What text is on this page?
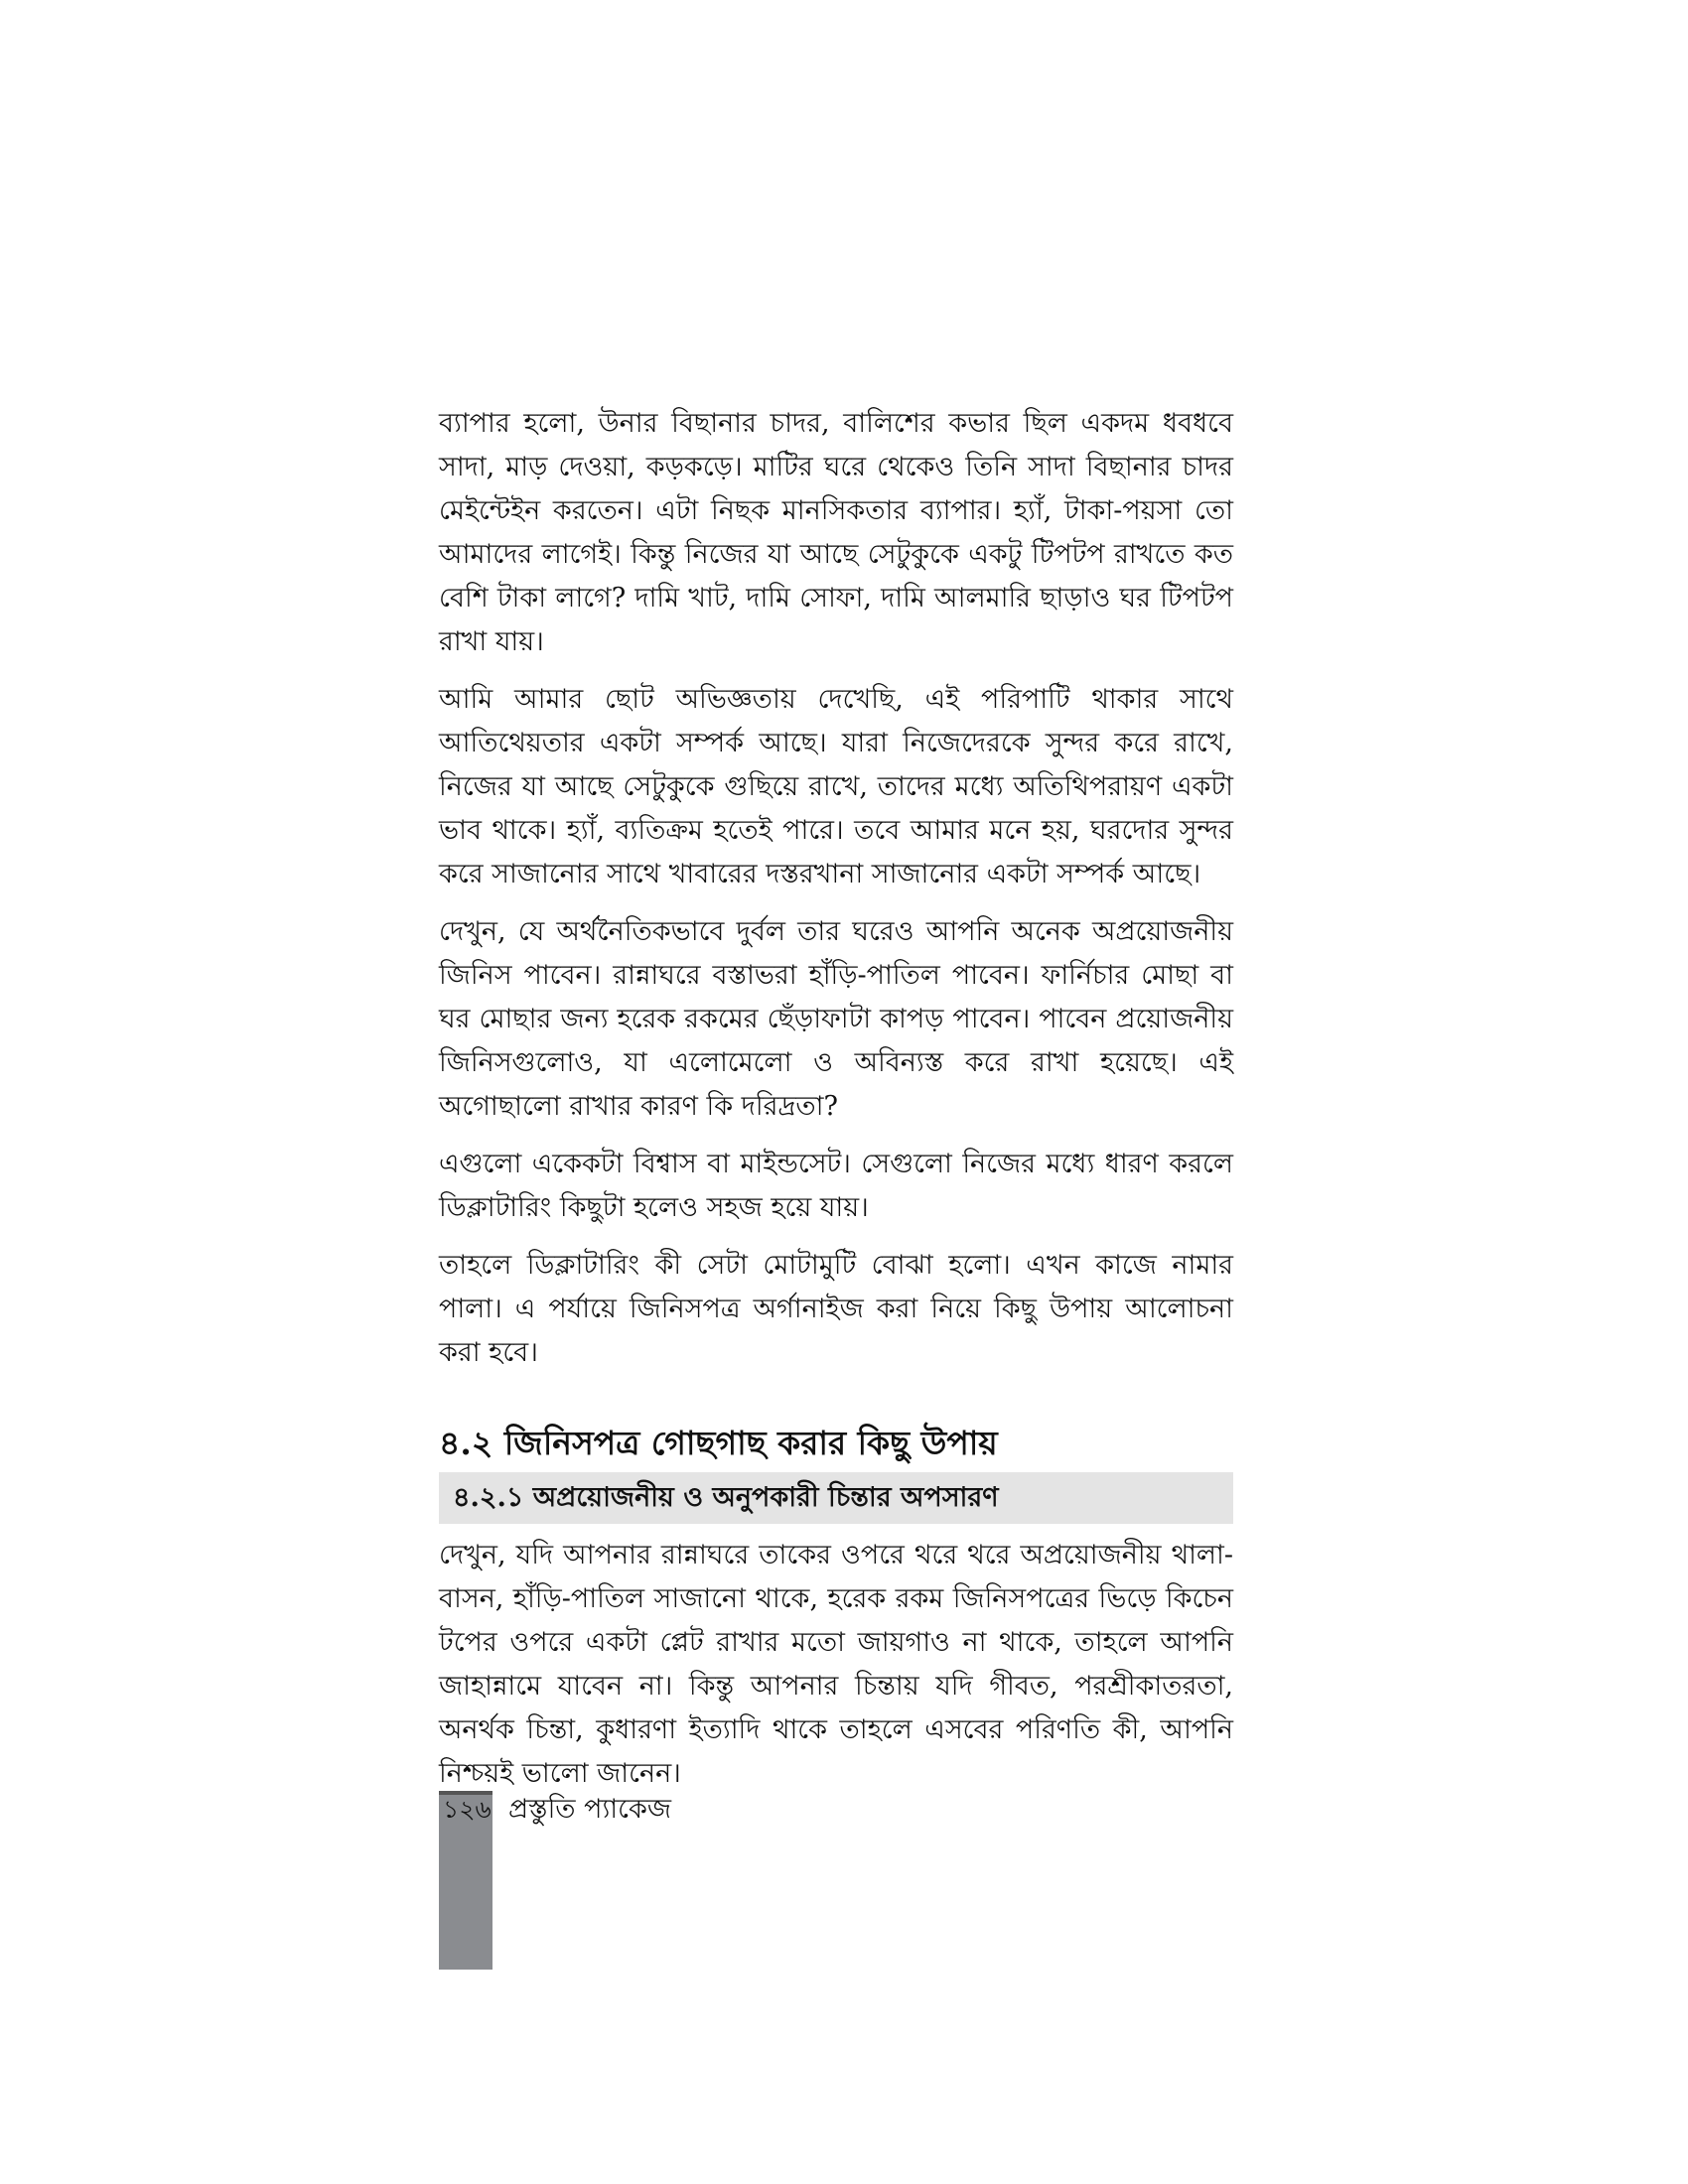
ব্যাপার হলো, উনার বিছানার চাদর, বালিশের কভার ছিল একদম ধবধবে সাদা, মাড় দেওয়া, কড়কড়ে। মাটির ঘরে থেকেও তিনি সাদা বিছানার চাদর মেইন্টেইন করতেন। এটা নিছক মানসিকতার ব্যাপার। হ্যাঁ, টাকা-পয়সা তো আমাদের লাগেই। কিন্তু নিজের যা আছে সেটুকুকে একটু টিপটপ রাখতে কত বেশি টাকা লাগে? দামি খাট, দামি সোফা, দামি আলমারি ছাড়াও ঘর টিপটপ রাখা যায়।

আমি আমার ছোট অভিজ্ঞতায় দেখেছি, এই পরিপাটি থাকার সাথে আতিথেয়তার একটা সম্পর্ক আছে। যারা নিজেদেরকে সুন্দর করে রাখে, নিজের যা আছে সেটুকুকে গুছিয়ে রাখে, তাদের মধ্যে অতিথিপরায়ণ একটা ভাব থাকে। হ্যাঁ, ব্যতিক্রম হতেই পারে। তবে আমার মনে হয়, ঘরদোর সুন্দর করে সাজানোর সাথে খাবারের দস্তরখানা সাজানোর একটা সম্পর্ক আছে।

দেখুন, যে অর্থনৈতিকভাবে দুর্বল তার ঘরেও আপনি অনেক অপ্রয়োজনীয় জিনিস পাবেন। রান্নাঘরে বস্তাভরা হাঁড়ি-পাতিল পাবেন। ফার্নিচার মোছা বা ঘর মোছার জন্য হরেক রকমের ছেঁড়াফাটা কাপড় পাবেন। পাবেন প্রয়োজনীয় জিনিসগুলোও, যা এলোমেলো ও অবিন্যস্ত করে রাখা হয়েছে। এই অগোছালো রাখার কারণ কি দরিদ্রতা?

এগুলো একেকটা বিশ্বাস বা মাইন্ডসেট। সেগুলো নিজের মধ্যে ধারণ করলে ডিক্লাটারিং কিছুটা হলেও সহজ হয়ে যায়।

তাহলে ডিক্লাটারিং কী সেটা মোটামুটি বোঝা হলো। এখন কাজে নামার পালা। এ পর্যায়ে জিনিসপত্র অর্গানাইজ করা নিয়ে কিছু উপায় আলোচনা করা হবে।

৪.২ জিনিসপত্র গোছগাছ করার কিছু উপায়
৪.২.১ অপ্রয়োজনীয় ও অনুপকারী চিন্তার অপসারণ

দেখুন, যদি আপনার রান্নাঘরে তাকের ওপরে থরে থরে অপ্রয়োজনীয় থালা-বাসন, হাঁড়ি-পাতিল সাজানো থাকে, হরেক রকম জিনিসপত্রের ভিড়ে কিচেন টপের ওপরে একটা প্লেট রাখার মতো জায়গাও না থাকে, তাহলে আপনি জাহান্নামে যাবেন না। কিন্তু আপনার চিন্তায় যদি গীবত, পরশ্রীকাতরতা, অনর্থক চিন্তা, কুধারণা ইত্যাদি থাকে তাহলে এসবের পরিণতি কী, আপনি নিশ্চয়ই ভালো জানেন।

১২৬ প্রস্তুতি প্যাকেজ
